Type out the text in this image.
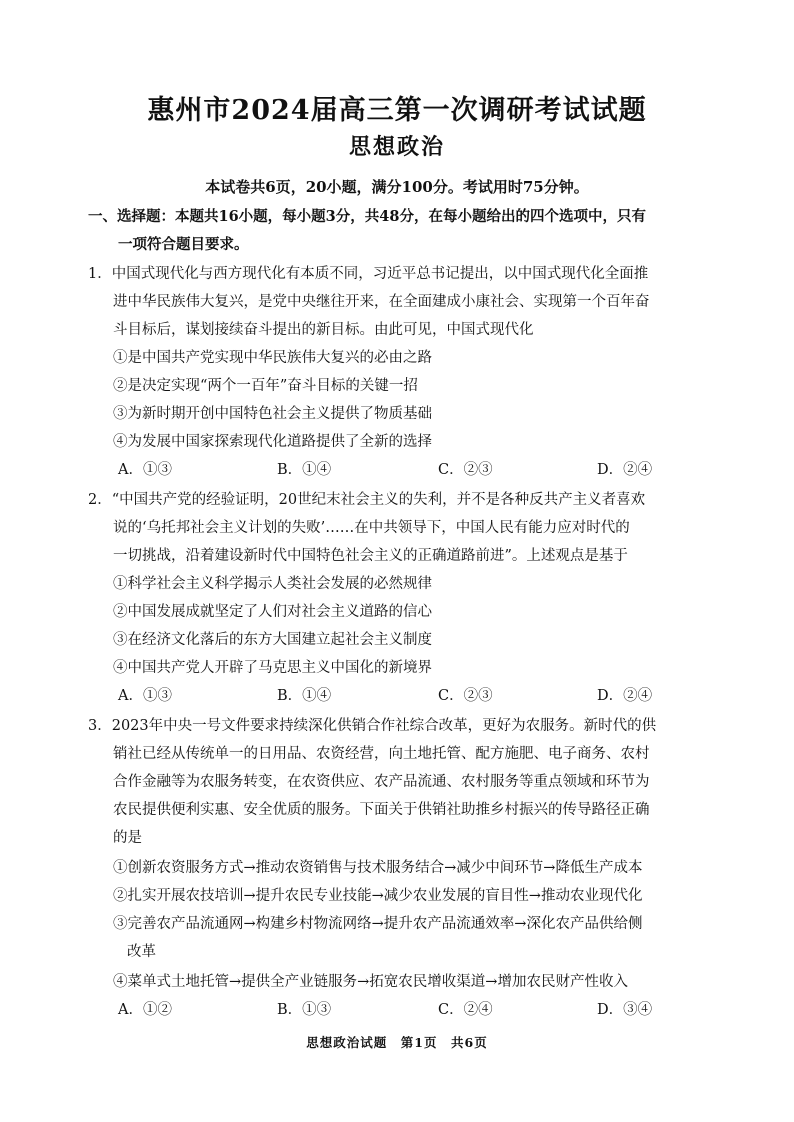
惠州市2024届高三第一次调研考试试题
思想政治
本试卷共6页，20小题，满分100分。考试用时75分钟。
一、选择题：本题共16小题，每小题3分，共48分，在每小题给出的四个选项中，只有
一项符合题目要求。
1．中国式现代化与西方现代化有本质不同，习近平总书记提出，以中国式现代化全面推
进中华民族伟大复兴，是党中央继往开来，在全面建成小康社会、实现第一个百年奋
斗目标后，谋划接续奋斗提出的新目标。由此可见，中国式现代化
①是中国共产党实现中华民族伟大复兴的必由之路
②是决定实现“两个一百年”奋斗目标的关键一招
③为新时期开创中国特色社会主义提供了物质基础
④为发展中国家探索现代化道路提供了全新的选择
A．①③	B．①④	C．②③	D．②④
2．“中国共产党的经验证明，20世纪末社会主义的失利，并不是各种反共产主义者喜欢
说的‘乌托邦社会主义计划的失败’……在中共领导下，中国人民有能力应对时代的
一切挑战，沿着建设新时代中国特色社会主义的正确道路前进”。上述观点是基于
①科学社会主义科学揭示人类社会发展的必然规律
②中国发展成就坚定了人们对社会主义道路的信心
③在经济文化落后的东方大国建立起社会主义制度
④中国共产党人开辟了马克思主义中国化的新境界
A．①③	B．①④	C．②③	D．②④
3．2023年中央一号文件要求持续深化供销合作社综合改革，更好为农服务。新时代的供
销社已经从传统单一的日用品、农资经营，向土地托管、配方施肥、电子商务、农村
合作金融等为农服务转变，在农资供应、农产品流通、农村服务等重点领域和环节为
农民提供便利实惠、安全优质的服务。下面关于供销社助推乡村振兴的传导路径正确
的是
①创新农资服务方式→推动农资销售与技术服务结合→减少中间环节→降低生产成本
②扎实开展农技培训→提升农民专业技能→减少农业发展的盲目性→推动农业现代化
③完善农产品流通网→构建乡村物流网络→提升农产品流通效率→深化农产品供给侧
改革
④菜单式土地托管→提供全产业链服务→拓宽农民增收渠道→增加农民财产性收入
A．①②	B．①③	C．②④	D．③④
思想政治试题　第1页　共6页
